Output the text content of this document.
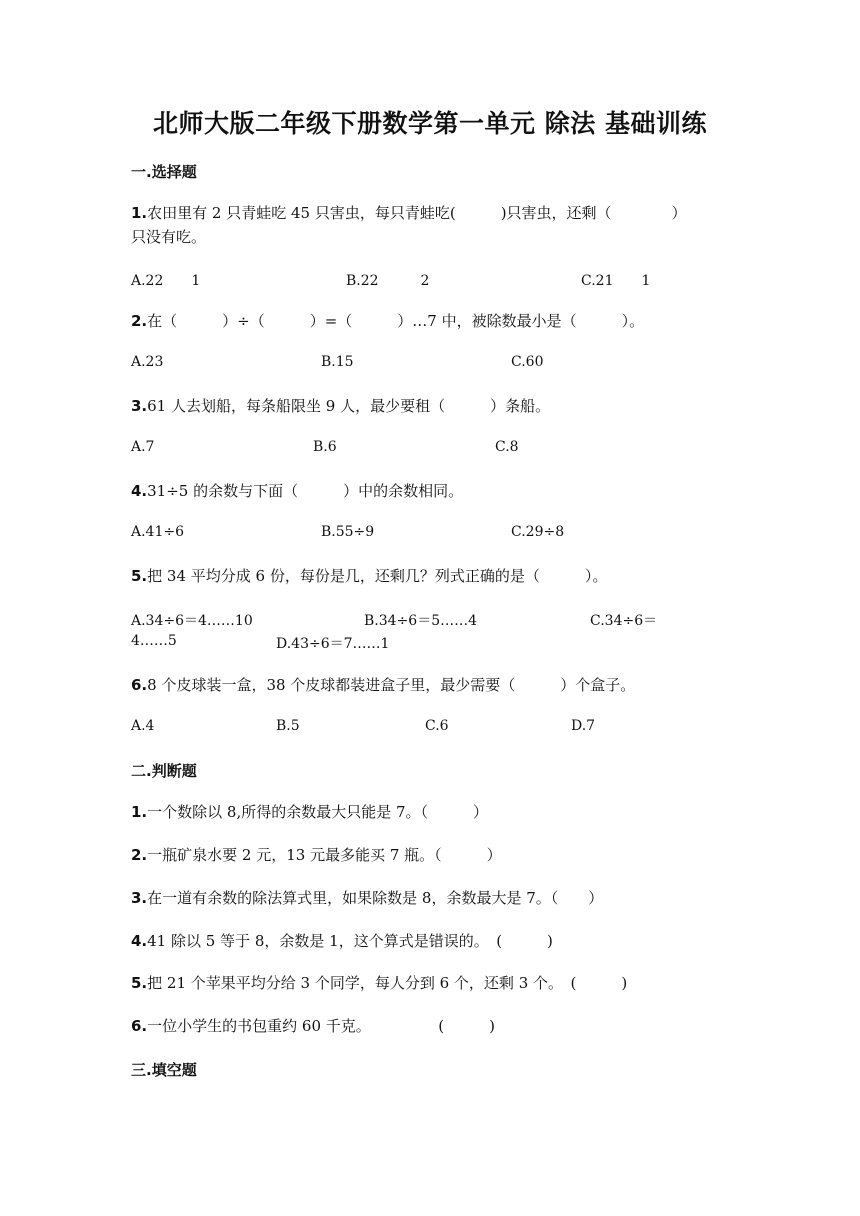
北师大版二年级下册数学第一单元 除法 基础训练
一.选择题
1.农田里有 2 只青蛙吃 45 只害虫，每只青蛙吃(　　　)只害虫，还剩（　　　　）
只没有吃。
A.22　　1	B.22　　　2	C.21　　1
2.在（　　　）÷（　　　）=（　　　）…7 中，被除数最小是（　　　）。
A.23	B.15	C.60
3.61 人去划船，每条船限坐 9 人，最少要租（　　　）条船。
A.7	B.6	C.8
4.31÷5 的余数与下面（　　　）中的余数相同。
A.41÷6	B.55÷9	C.29÷8
5.把 34 平均分成 6 份，每份是几，还剩几？列式正确的是（　　　）。
A.34÷6＝4……10	B.34÷6＝5……4	C.34÷6＝
4……5	D.43÷6＝7……1
6.8 个皮球装一盒，38 个皮球都装进盒子里，最少需要（　　　）个盒子。
A.4	B.5	C.6	D.7
二.判断题
1.一个数除以 8,所得的余数最大只能是 7。（　　　）
2.一瓶矿泉水要 2 元，13 元最多能买 7 瓶。（　　　）
3.在一道有余数的除法算式里，如果除数是 8，余数最大是 7。（　　）
4.41 除以 5 等于 8，余数是 1，这个算式是错误的。　(　　　)
5.把 21 个苹果平均分给 3 个同学，每人分到 6 个，还剩 3 个。　(　　　)
6.一位小学生的书包重约 60 千克。　　　　　(　　　)
三.填空题
